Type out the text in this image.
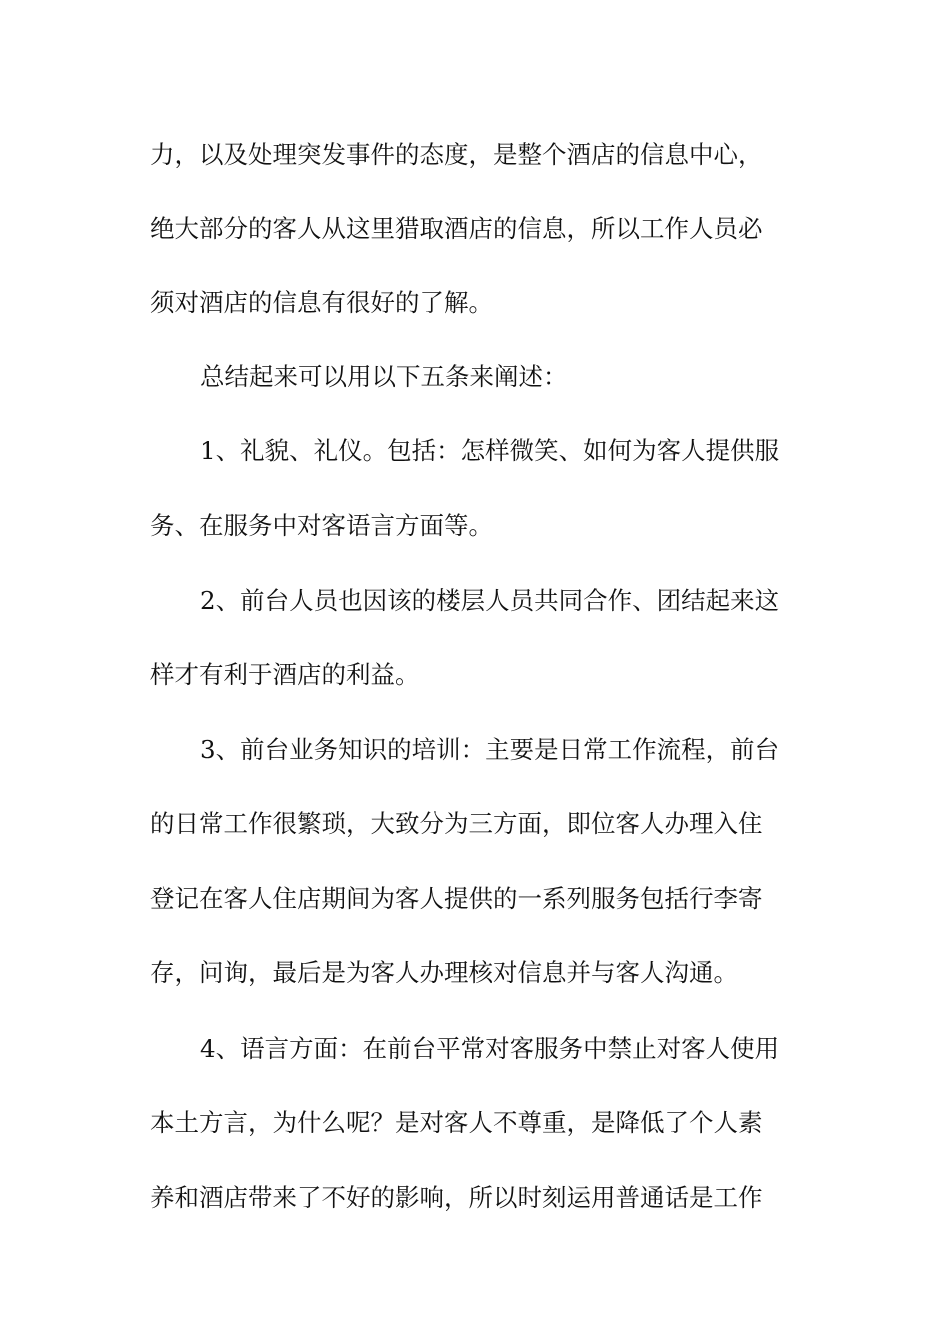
力，以及处理突发事件的态度，是整个酒店的信息中心，
绝大部分的客人从这里猎取酒店的信息，所以工作人员必
须对酒店的信息有很好的了解。
总结起来可以用以下五条来阐述：
1、礼貌、礼仪。包括：怎样微笑、如何为客人提供服
务、在服务中对客语言方面等。
2、前台人员也因该的楼层人员共同合作、团结起来这
样才有利于酒店的利益。
3、前台业务知识的培训：主要是日常工作流程，前台
的日常工作很繁琐，大致分为三方面，即位客人办理入住
登记在客人住店期间为客人提供的一系列服务包括行李寄
存，问询，最后是为客人办理核对信息并与客人沟通。
4、语言方面：在前台平常对客服务中禁止对客人使用
本土方言，为什么呢？是对客人不尊重，是降低了个人素
养和酒店带来了不好的影响，所以时刻运用普通话是工作
